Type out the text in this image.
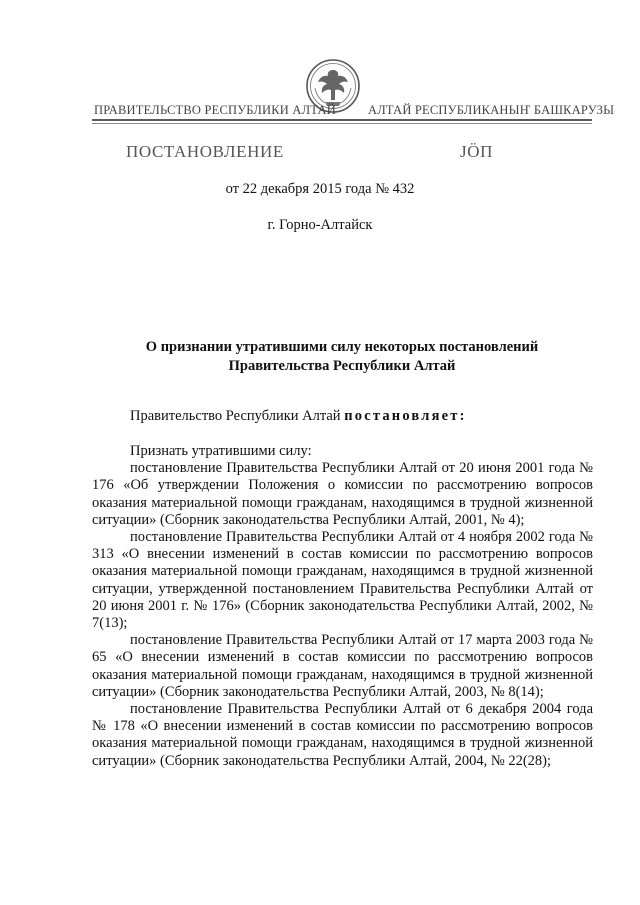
ПРАВИТЕЛЬСТВО РЕСПУБЛИКИ АЛТАЙ	АЛТАЙ РЕСПУБЛИКАНЫҤ БАШКАРУЗЫ
ПОСТАНОВЛЕНИЕ	JÖП
от 22 декабря 2015 года № 432
г. Горно-Алтайск
О признании утратившими силу некоторых постановлений
Правительства Республики Алтай
Правительство Республики Алтай постановляет:

Признать утратившими силу:

постановление Правительства Республики Алтай от 20 июня 2001 года № 176 «Об утверждении Положения о комиссии по рассмотрению вопросов оказания материальной помощи гражданам, находящимся в трудной жизненной ситуации» (Сборник законодательства Республики Алтай, 2001, № 4);

постановление Правительства Республики Алтай от 4 ноября 2002 года № 313 «О внесении изменений в состав комиссии по рассмотрению вопросов оказания материальной помощи гражданам, находящимся в трудной жизненной ситуации, утвержденной постановлением Правительства Республики Алтай от 20 июня 2001 г. № 176» (Сборник законодательства Республики Алтай, 2002, № 7(13);

постановление Правительства Республики Алтай от 17 марта 2003 года № 65 «О внесении изменений в состав комиссии по рассмотрению вопросов оказания материальной помощи гражданам, находящимся в трудной жизненной ситуации» (Сборник законодательства Республики Алтай, 2003, № 8(14);

постановление Правительства Республики Алтай от 6 декабря 2004 года № 178 «О внесении изменений в состав комиссии по рассмотрению вопросов оказания материальной помощи гражданам, находящимся в трудной жизненной ситуации» (Сборник законодательства Республики Алтай, 2004, № 22(28);
